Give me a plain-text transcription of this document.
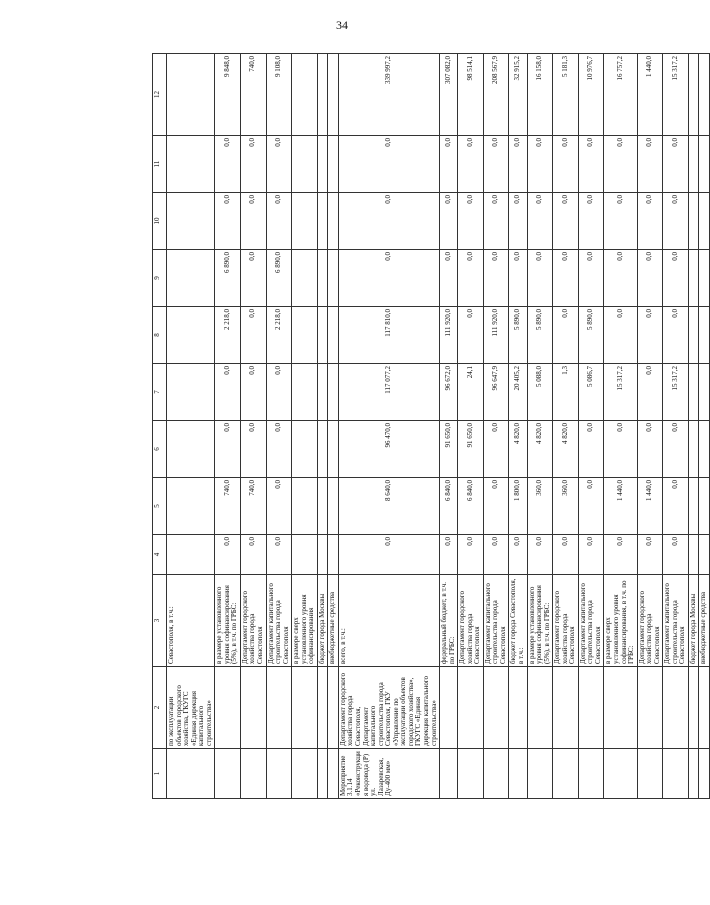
34
1	2	3	4	5	6	7	8	9	10	11	12
	по эксплуатации объектов городского хозяйства, ГКУГС «Единая дирекция капитального строительства»	Севастополя, в т.ч.:									
		в размере установленного уровня софинансирования (5%), в т.ч. по ГРБС:	0,0	740,0	0,0	0,0	2 218,0	6 890,0	0,0	0,0	9 848,0
		Департамент городского хозяйства города Севастополя	0,0	740,0	0,0	0,0	0,0	0,0	0,0	0,0	740,0
		Департамент капитального строительства города Севастополя	0,0	0,0	0,0	0,0	2 218,0	6 890,0	0,0	0,0	9 108,0
		в размере сверх установленного уровня софинансирования									
		бюджет города Москвы									
		внебюджетные средства									
Мероприятие 3.1.14 «Реконструкция водовода (Р) ул. Лазаревская, Ду-400 мм»	Департамент городского хозяйства города Севастополя, Департамент капитального строительства города Севастополя, ГКУ «Управление по эксплуатации объектов городского хозяйства», ГКУГС «Единая дирекция капитального строительства»	всего, в т.ч.:	0,0	8 640,0	96 470,0	117 077,2	117 810,0	0,0	0,0	0,0	339 997,2
		федеральный бюджет, в т.ч. по ГРБС:	0,0	6 840,0	91 650,0	96 672,0	111 920,0	0,0	0,0	0,0	307 082,0
		Департамент городского хозяйства города Севастополя	0,0	6 840,0	91 650,0	24,1	0,0	0,0	0,0	0,0	98 514,1
		Департамент капитального строительства города Севастополя	0,0	0,0	0,0	96 647,9	111 920,0	0,0	0,0	0,0	208 567,9
		бюджет города Севастополя, в т.ч.:	0,0	1 800,0	4 820,0	20 405,2	5 890,0	0,0	0,0	0,0	32 915,2
		в размере установленного уровня софинансирования (5%), в т.ч. по ГРБС:	0,0	360,0	4 820,0	5 088,0	5 890,0	0,0	0,0	0,0	16 158,0
		Департамент городского хозяйства города Севастополя	0,0	360,0	4 820,0	1,3	0,0	0,0	0,0	0,0	5 181,3
		Департамент капитального строительства города Севастополя	0,0	0,0	0,0	5 086,7	5 890,0	0,0	0,0	0,0	10 976,7
		в размере сверх установленного уровня софинансирования, в т.ч. по ГРБС:	0,0	1 440,0	0,0	15 317,2	0,0	0,0	0,0	0,0	16 757,2
		Департамент городского хозяйства города Севастополя	0,0	1 440,0	0,0	0,0	0,0	0,0	0,0	0,0	1 440,0
		Департамент капитального строительства города Севастополя	0,0	0,0	0,0	15 317,2	0,0	0,0	0,0	0,0	15 317,2
		бюджет города Москвы									
		внебюджетные средства									
